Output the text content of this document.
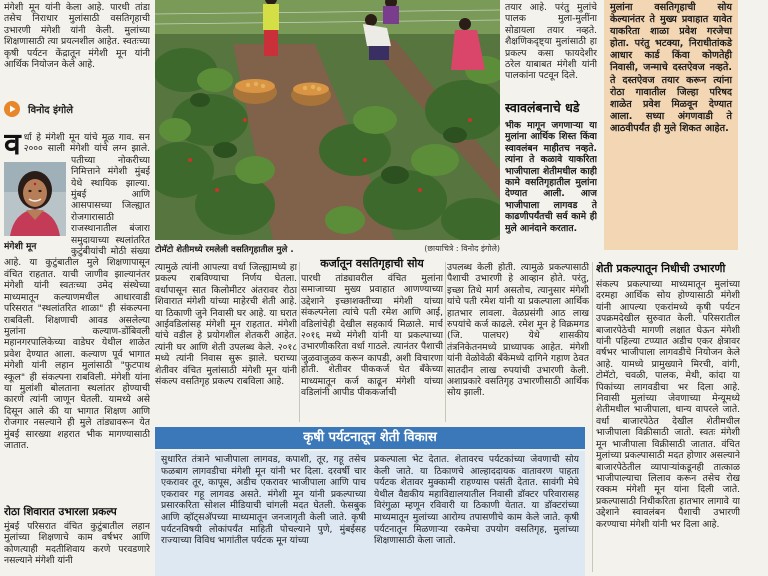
मंगेशी मून यांनी केला आहे. पारधी तांडा तसेच निराधार मुलांसाठी वसतिगृहाची उभारणी मंगेशी यांनी केली. मुलांच्या शिक्षणासाठी त्या प्रयत्नशील आहेत. स्वतःच्या कृषी पर्यटन केंद्रातून मंगेशी मून यांनी आर्थिक नियोजन केले आहे.

विनोद इंगोले
व
मंगेशी मून
र्धा हे मंगेशी मून यांचे मूळ गाव. सन २००० साली मंगेशी यांचे लग्न झाले. पतीच्या नोकरीच्या निमित्ताने मंगेशी मुंबई येथे स्थायिक झाल्या. मुंबई आणि आसपासच्या जिल्ह्यात रोजगारासाठी राजस्थानातील बंजारा समुदायाच्या स्थलांतरित कुटुंबीयांची मोठी संख्या आहे. या कुटुंबातील मुले शिक्षणापासून वंचित राहतात. याची जाणीव झाल्यानंतर मंगेशी यांनी स्वतःच्या उमेद संस्थेच्या माध्यमातून कल्याणमधील आधारवाडी परिसरात "स्थलांतरित शाळा" ही संकल्पना राबविली. शिक्षणाची आवड असलेल्या मुलांना कल्याण-डोंबिवली महानगरपालिकेच्या वाडेघर येथील शाळेत प्रवेश देण्यात आला. कल्याण पूर्व भागात मंगेशी यांनी लहान मुलांसाठी "फुटपाथ स्कूल" ही संकल्पना राबविली. मंगेशी यांना या मुलांशी बोलताना स्थलांतर होण्याची कारणे त्यांनी जाणून घेतली. यामध्ये असे दिसून आले की या भागात शिक्षण आणि रोजगार नसल्याने ही मुले तांड्यावरून येत मुंबई सारख्या शहरात भीक मागण्यासाठी जातात.
रोठा शिवारात उभारला प्रकल्प

मुंबई परिसरात वंचित कुटुंबातील लहान मुलांच्या शिक्षणाचे काम वर्षभर आणि कोणत्याही मदतीशिवाय करणे परवडणारे नसल्याने मंगेशी यांनी

टोमॅटो शेतीमध्ये रमलेली वसतिगृहातील मुले .	(छायाचित्रे : विनोद इंगोले)

तयार आहे. परंतु मुलांचे पालक मुला-मुलींना सोडायला तयार नव्हते. शैक्षणिकदृष्ट्या मुलांसाठी हा प्रकल्प कसा फायदेशीर ठरेल याबाबत मंगेशी यांनी पालकांना पटवून दिले.

स्वावलंबनाचे धडे

भीक मागून जगणाऱ्या या मुलांना आर्थिक शिस्त किंवा स्वावलंबन माहीतच नव्हते. त्यांना ते कळावे याकरिता भाजीपाला शेतीमधील काही कामे वसतिगृहातील मुलांना देण्यात आली. आज भाजीपाला लागवड ते काढणीपर्यंतची सर्व कामे ही मुले आनंदाने करतात.

मुलांना वसतिगृहाची सोय केल्यानंतर ते मुख्य प्रवाहात यावेत याकरिता शाळा प्रवेश गरजेचा होता. परंतु भटक्या, निराधीतांकडे आधार कार्ड किंवा कोणतेही निवासी, जन्माचे दस्तऐवज नव्हते. ते दस्तऐवज तयार करून त्यांना रोठा गावातील जिल्हा परिषद शाळेत प्रवेश मिळवून देण्यात आला. सध्या अंगणवाडी ते आठवीपर्यंत ही मुले शिकत आहेत.

त्यामुळे त्यांनी आपल्या वर्धा जिल्ह्यामध्ये हा प्रकल्प राबविण्याचा निर्णय घेतला. वर्धापासून सात किलोमीटर अंतरावर रोठा शिवारात मंगेशी यांच्या माहेरची शेती आहे. या ठिकाणी जुने निवासी घर आहे. या घरात आईवडिलांसह मंगेशी मून राहतात. मंगेशी यांचे वडील हे प्रयोगशील शेतकरी आहेत. त्यांनी घर आणि शेती उपलब्ध केले. २०१८ मध्ये त्यांनी निवास सुरू झाले. घराच्या शेतीवर वंचित मुलांसाठी मंगेशी मून यांनी संकल्प वसतिगृह प्रकल्प राबविला आहे.

कर्जातून वसतिगृहाची सोय

पारधी तांड्यावरील वंचित मुलांना समाजाच्या मुख्य प्रवाहात आणण्याच्या उद्देशाने इच्छाशक्तीच्या मंगेशी यांच्या संकल्पनेला त्यांचे पती रमेश आणि आई, वडिलांचेही देखील सहकार्य मिळाले. मार्च २०१६ मध्ये मंगेशी यांनी या प्रकल्पाच्या उभारणीकरिता वर्धा गाठले. त्यानंतर पैशाची जुळवाजुळव करून कापडी, अशी विचारणा होती. शेतीवर पीककर्ज घेत बँकेच्या माध्यमातून कर्ज काढून मंगेशी यांच्या वडिलांनी आपीड पीककर्जाची

उपलब्ध केली होती. त्यामुळे प्रकल्पासाठी पैशाची उभारणी हे आव्हान होते. परंतु, इच्छा तिथे मार्ग असतोच, त्यानुसार मंगेशी यांचे पती रमेश यांनी या प्रकल्पाला आर्थिक हातभार लावला. वेळप्रसंगी आठ लाख रुपयांचे कर्ज काढले. रमेश मून हे विक्रमगड (जि. पालघर) येथे शासकीय तंत्रनिकेतनमध्ये प्राध्यापक आहेत. मंगेशी यांनी वेळोवेळी बँकेमध्ये दागिने गहाण ठेवत सातदीन लाख रुपयांची उभारणी केली. अशाप्रकारे वसतिगृह उभारणीसाठी आर्थिक सोय झाली.

शेती प्रकल्पातून निधीची उभारणी

संकल्प प्रकल्पाच्या माध्यमातून मुलांच्या दरमहा आर्थिक सोय होण्यासाठी मंगेशी यांनी आपल्या एकरांमध्ये कृषी पर्यटन उपक्रमदेखील सुरुवात केली. परिसरातील बाजारपेठेची मागणी लक्षात घेऊन मंगेशी यांनी पहिल्या टप्प्यात अडीच एकर क्षेत्रावर वर्षभर भाजीपाला लागवडीचे नियोजन केले आहे. यामध्ये प्रामुख्याने मिरची, वांगी, टोमॅटो, चवळी, पालक, मेथी, कांदा या पिकांच्या लागवडीचा भर दिला आहे. निवासी मुलांच्या जेवणाच्या मेन्यूमध्ये शेतीमधील भाजीपाला, धान्य वापरले जाते. वर्धा बाजारपेठेत देखील शेतीमधील भाजीपाला विक्रीसाठी जातो. स्वतः मंगेशी मून भाजीपाला विक्रीसाठी जातात. वंचित मुलांच्या प्रकल्पासाठी मदत होणार असल्याने बाजारपेठेतील व्यापाऱ्यांकडूनही तात्काळ भाजीपाल्याचा लिलाव करून तसेच रोख रक्कम मंगेशी मून यांना दिली जाते. प्रकल्पासाठी निधीकरिता हातभार लागावे या उद्देशाने स्वावलंबन पैशाची उभारणी करण्याचा मंगेशी यांनी भर दिला आहे.

कृषी पर्यटनातून शेती विकास

सुधारित तंत्राने भाजीपाला लागवड, कपाशी, तूर, गहू तसेच फळबाग लागवडीचा मंगेशी मून यांनी भर दिला. दरवर्षी चार एकरावर तूर, कापूस, अडीच एकरावर भाजीपाला आणि पाच एकरावर गहू लागवड असते. मंगेशी मून यांनी प्रकल्पाच्या प्रसारकरिता सोशल मीडियाची चांगली मदत घेतली. फेसबुक आणि व्हॉट्सअ‍ॅपच्या माध्यमातून जनजागृती केली जाते. कृषी पर्यटनविषयी लोकांपर्यंत माहिती पोचल्याने पुणे, मुंबईसह राज्याच्या विविध भागांतील पर्यटक मून यांच्या

प्रकल्पाला भेट देतात. शेतावरच पर्यटकांच्या जेवणाची सोय केली जाते. या ठिकाणचे आल्हाददायक वातावरण पाहता पर्यटक शेतावर मुक्कामी राहण्यास पसंती देतात. सावंगी मेघे येथील वैद्यकीय महाविद्यालयातील निवासी डॉक्टर परिवारासह विरंगुळा म्हणून रविवारी या ठिकाणी येतात. या डॉक्टरांच्या माध्यमातून मुलांच्या आरोग्य तपासणीचे काम केले जाते. कृषी पर्यटनातून मिळणाऱ्या रकमेचा उपयोग वसतिगृह, मुलांच्या शिक्षणासाठी केला जातो.
